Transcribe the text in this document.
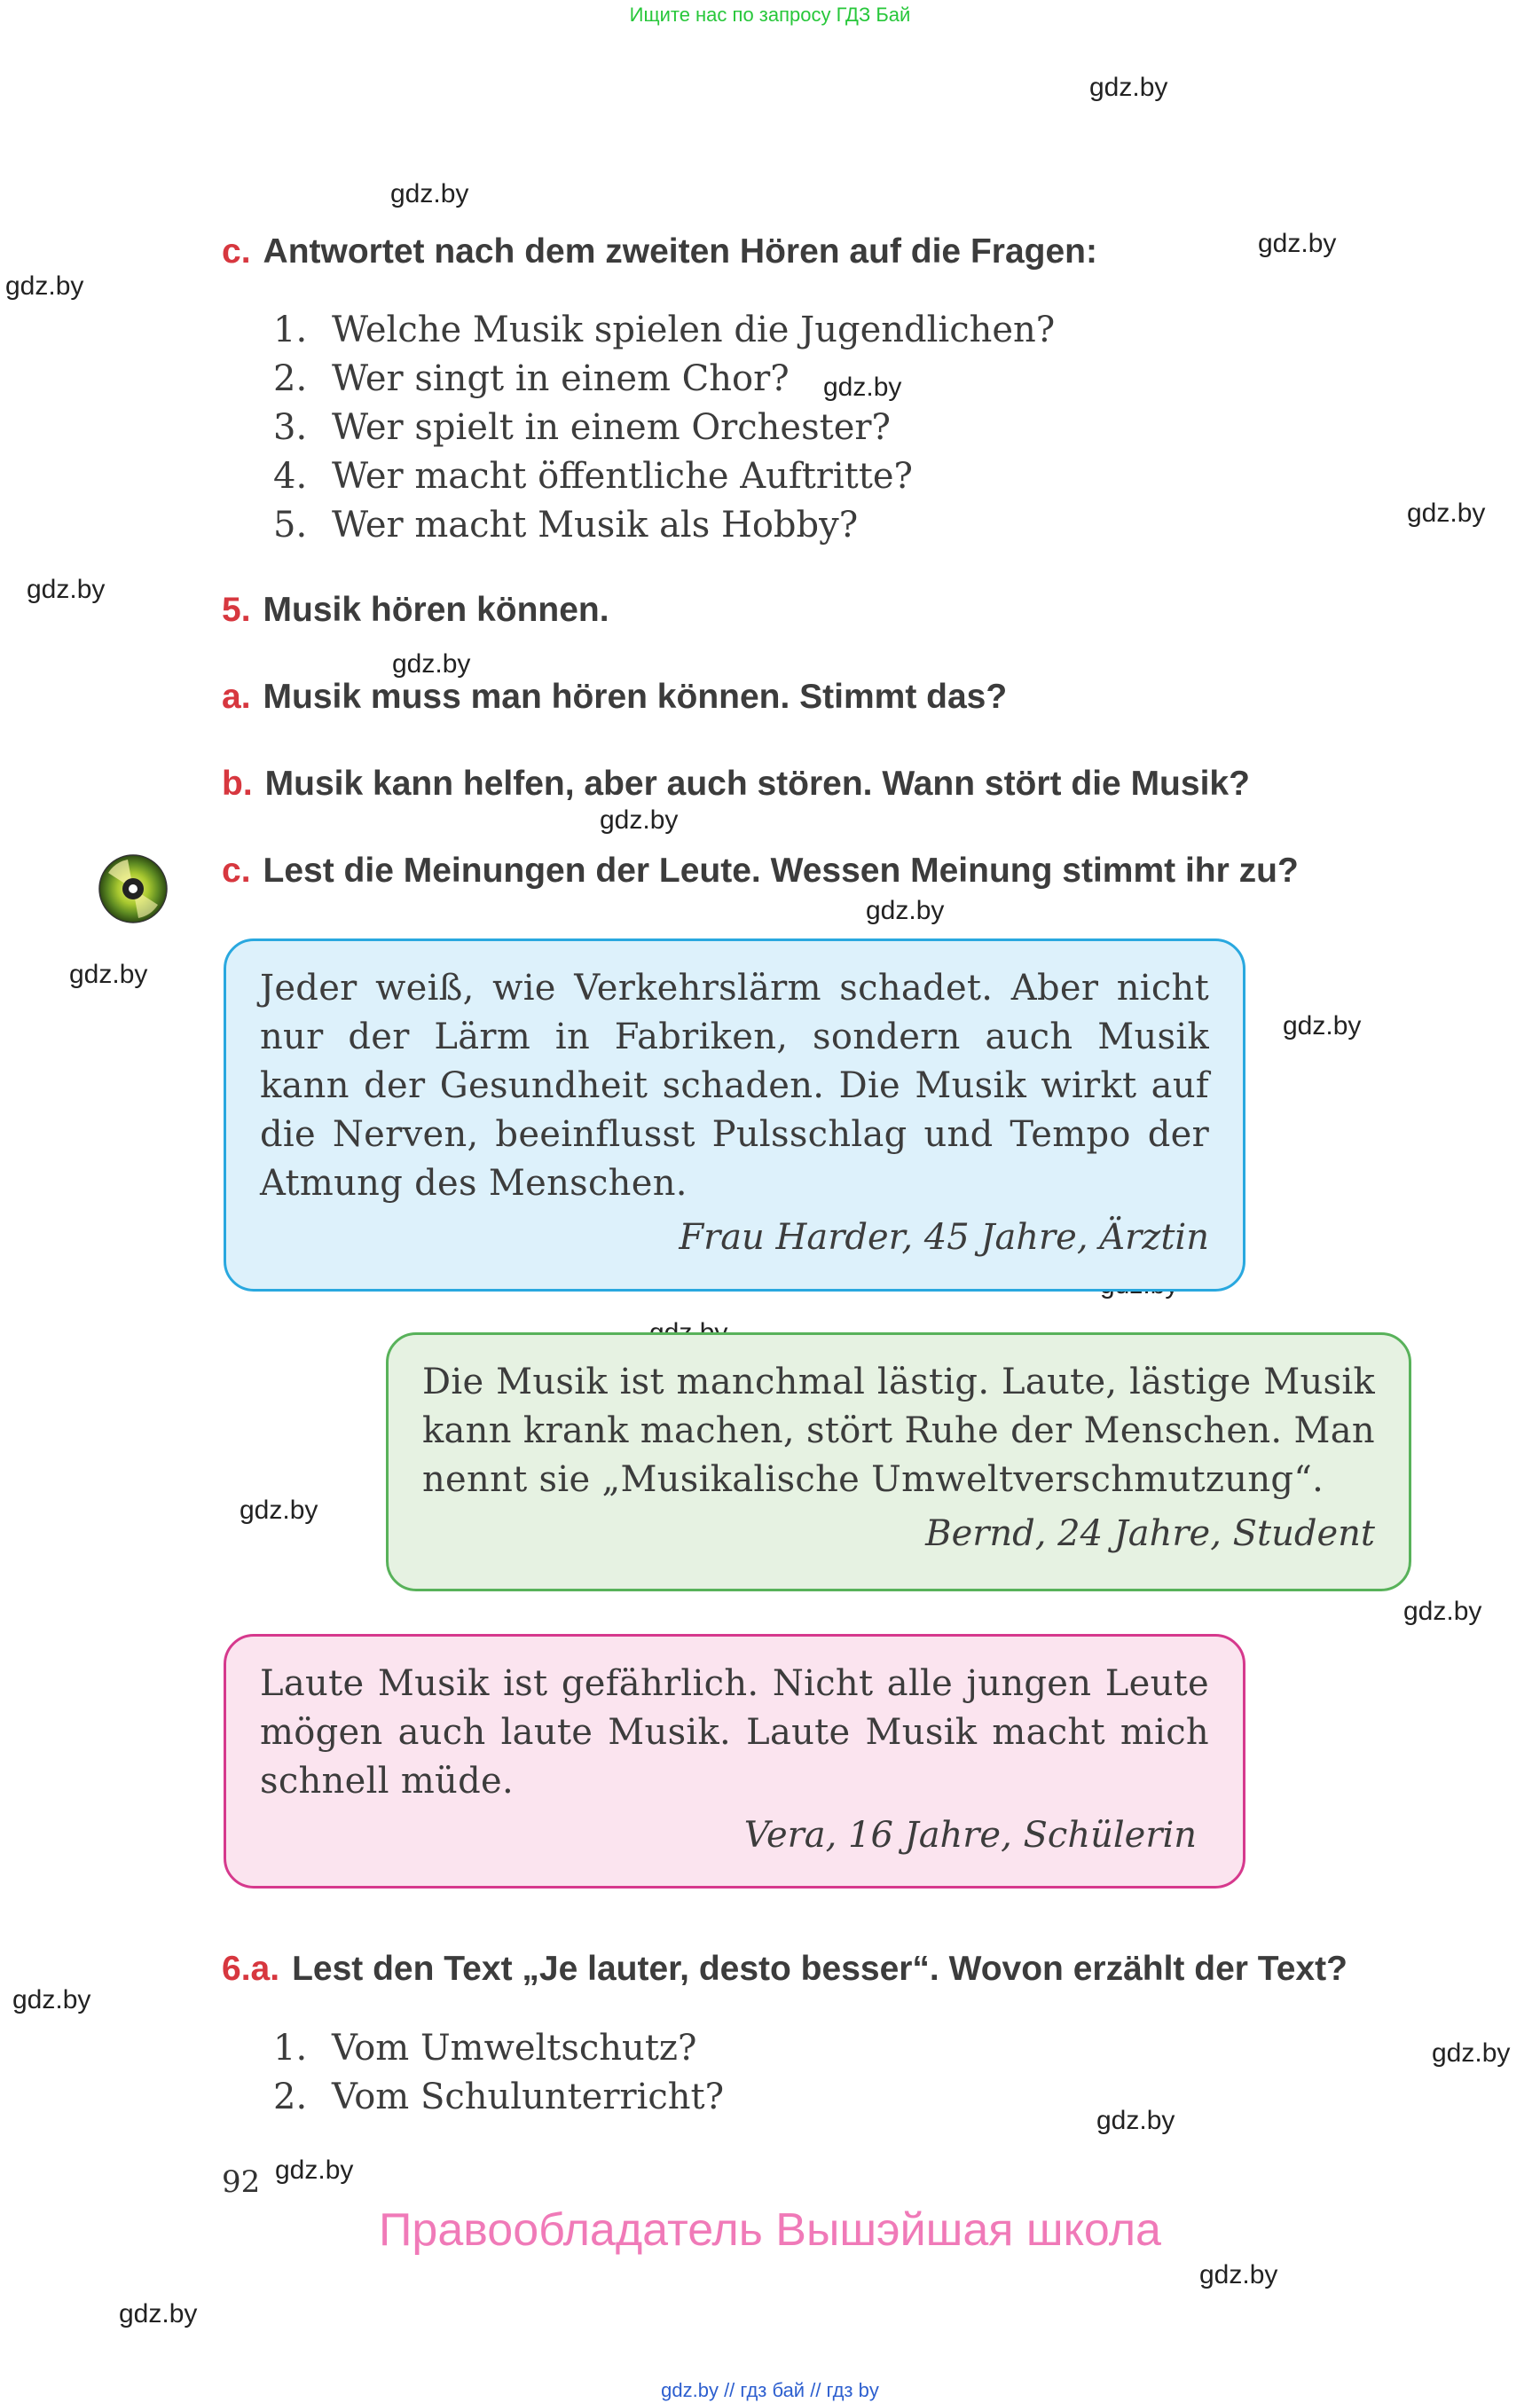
Ищите нас по запросу ГДЗ Бай
gdz.by
gdz.by
gdz.by
gdz.by
gdz.by
gdz.by
gdz.by
gdz.by
gdz.by
gdz.by
gdz.by
gdz.by
gdz.by
gdz.by
gdz.by
gdz.by
gdz.by
gdz.by
gdz.by
gdz.by
c. Antwortet nach dem zweiten Hören auf die Fragen:
1. Welche Musik spielen die Jugendlichen?
2. Wer singt in einem Chor?
3. Wer spielt in einem Orchester?
4. Wer macht öffentliche Auftritte?
5. Wer macht Musik als Hobby?
5. Musik hören können.
a. Musik muss man hören können. Stimmt das?
b. Musik kann helfen, aber auch stören. Wann stört die Musik?
c. Lest die Meinungen der Leute. Wessen Meinung stimmt ihr zu?
Jeder weiß, wie Verkehrslärm schadet. Aber nicht nur der Lärm in Fabriken, sondern auch Musik kann der Gesundheit schaden. Die Musik wirkt auf die Nerven, beeinflusst Pulsschlag und Tempo der Atmung des Menschen.
Frau Harder, 45 Jahre, Ärztin
Die Musik ist manchmal lästig. Laute, lästige Musik kann krank machen, stört Ruhe der Menschen. Man nennt sie „Musikalische Umweltverschmutzung“.
Bernd, 24 Jahre, Student
Laute Musik ist gefährlich. Nicht alle jungen Leute mögen auch laute Musik. Laute Musik macht mich schnell müde.
Vera, 16 Jahre, Schülerin
6.a. Lest den Text „Je lauter, desto besser“. Wovon erzählt der Text?
1. Vom Umweltschutz?
2. Vom Schulunterricht?
92
Правообладатель Вышэйшая школа
gdz.by // гдз бай // гдз by
